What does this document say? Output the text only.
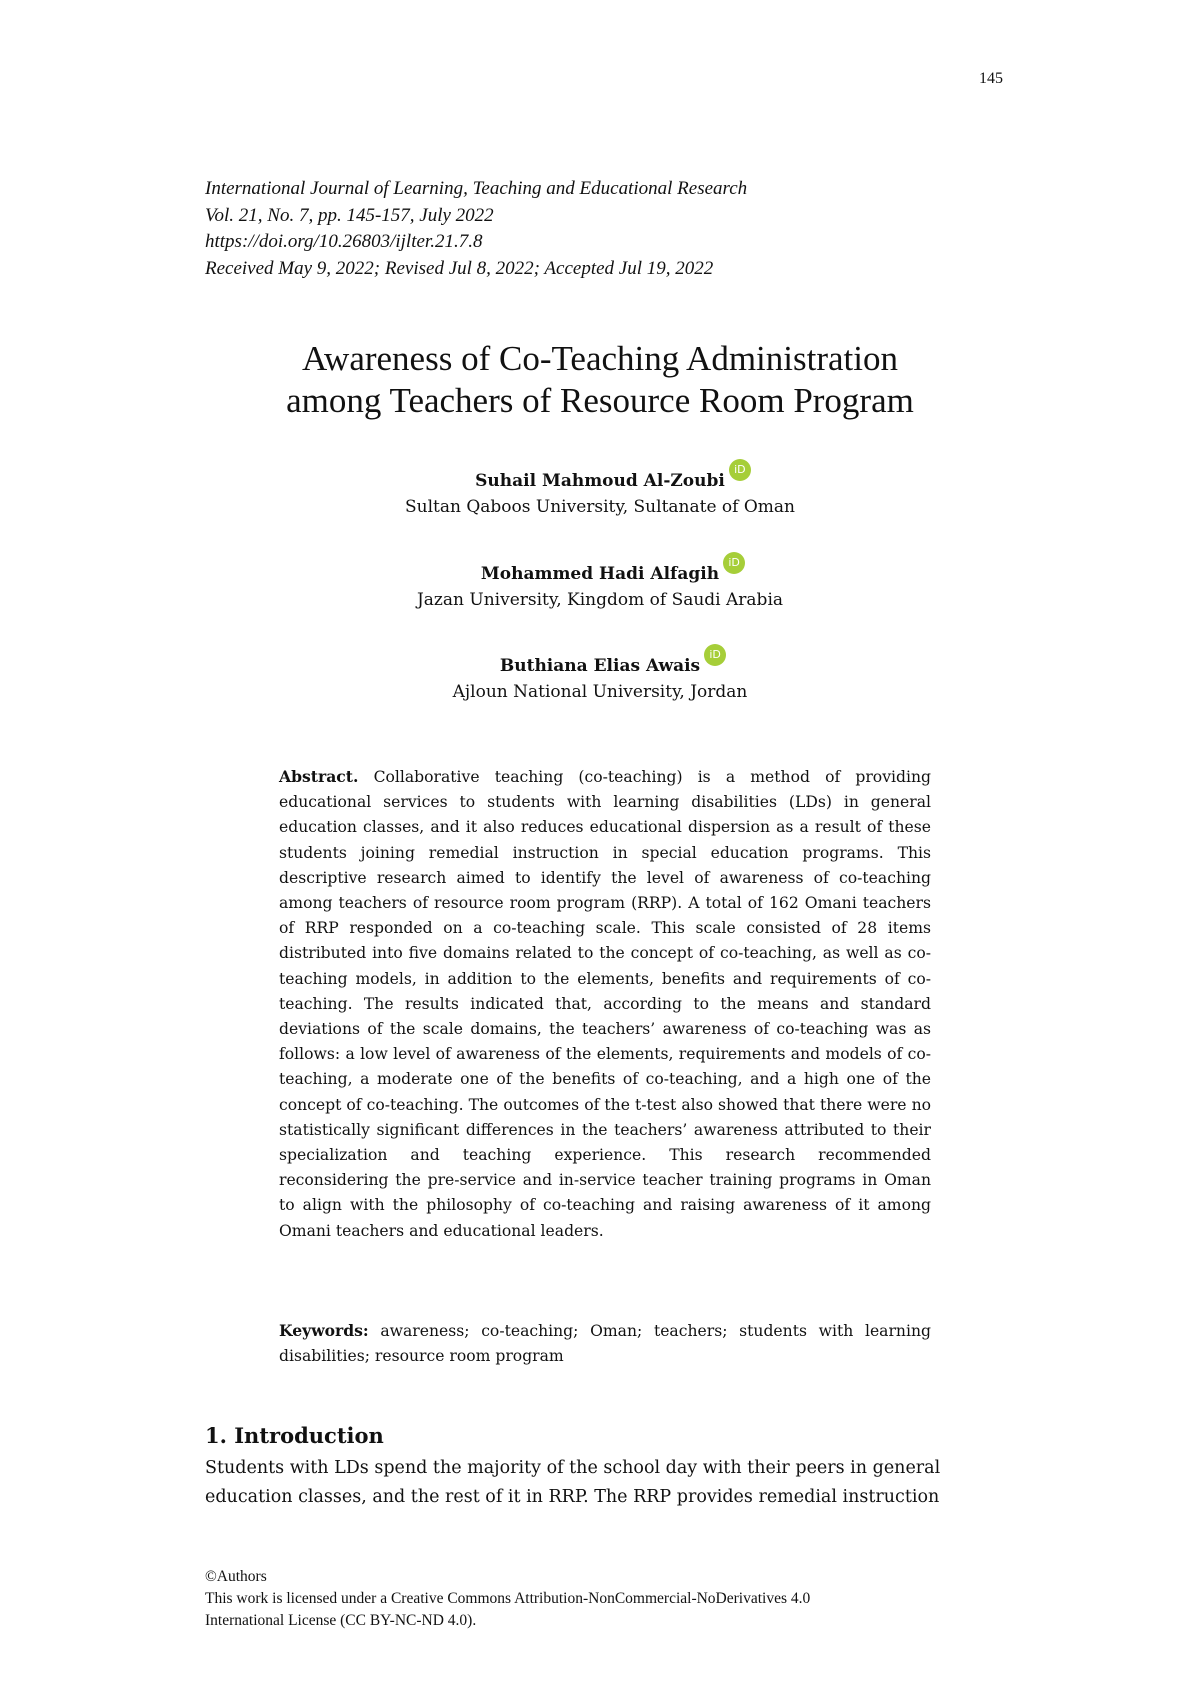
145
International Journal of Learning, Teaching and Educational Research
Vol. 21, No. 7, pp. 145-157, July 2022
https://doi.org/10.26803/ijlter.21.7.8
Received May 9, 2022; Revised Jul 8, 2022; Accepted Jul 19, 2022
Awareness of Co-Teaching Administration
among Teachers of Resource Room Program
Suhail Mahmoud Al-Zoubi
iD
Sultan Qaboos University, Sultanate of Oman
Mohammed Hadi Alfagih
iD
Jazan University, Kingdom of Saudi Arabia
Buthiana Elias Awais
iD
Ajloun National University, Jordan
Abstract. Collaborative teaching (co-teaching) is a method of providing educational services to students with learning disabilities (LDs) in general education classes, and it also reduces educational dispersion as a result of these students joining remedial instruction in special education programs. This descriptive research aimed to identify the level of awareness of co-teaching among teachers of resource room program (RRP). A total of 162 Omani teachers of RRP responded on a co-teaching scale. This scale consisted of 28 items distributed into five domains related to the concept of co-teaching, as well as co-teaching models, in addition to the elements, benefits and requirements of co-teaching. The results indicated that, according to the means and standard deviations of the scale domains, the teachers’ awareness of co-teaching was as follows: a low level of awareness of the elements, requirements and models of co-teaching, a moderate one of the benefits of co-teaching, and a high one of the concept of co-teaching. The outcomes of the t-test also showed that there were no statistically significant differences in the teachers’ awareness attributed to their specialization and teaching experience. This research recommended reconsidering the pre-service and in-service teacher training programs in Oman to align with the philosophy of co-teaching and raising awareness of it among Omani teachers and educational leaders.
Keywords: awareness; co-teaching; Oman; teachers; students with learning disabilities; resource room program
1. Introduction
Students with LDs spend the majority of the school day with their peers in general
education classes, and the rest of it in RRP. The RRP provides remedial instruction
©Authors
This work is licensed under a Creative Commons Attribution-NonCommercial-NoDerivatives 4.0
International License (CC BY-NC-ND 4.0).
